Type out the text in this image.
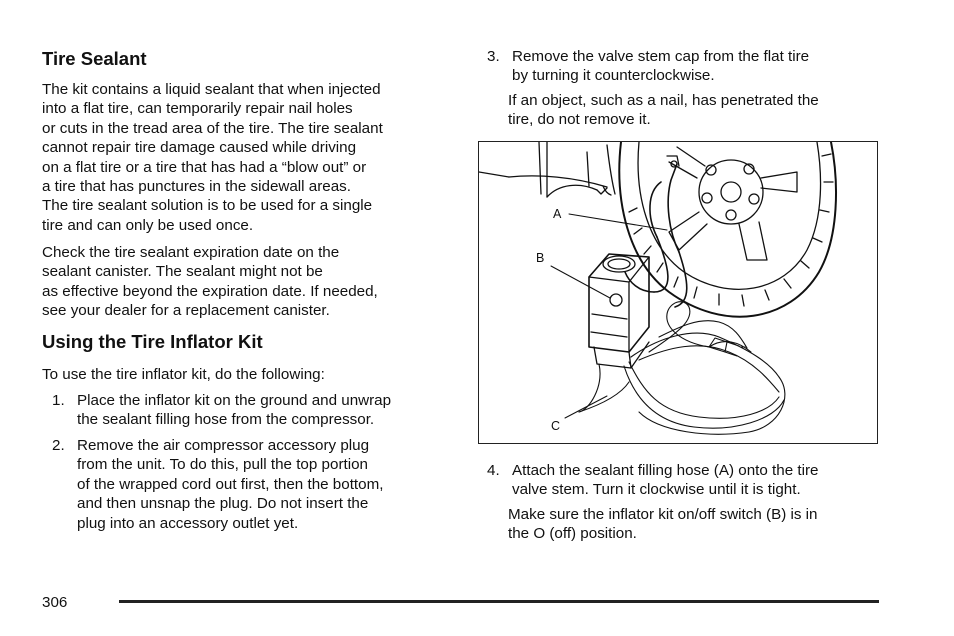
Tire Sealant
The kit contains a liquid sealant that when injected
into a flat tire, can temporarily repair nail holes
or cuts in the tread area of the tire. The tire sealant
cannot repair tire damage caused while driving
on a flat tire or a tire that has had a “blow out” or
a tire that has punctures in the sidewall areas.
The tire sealant solution is to be used for a single
tire and can only be used once.
Check the tire sealant expiration date on the
sealant canister. The sealant might not be
as effective beyond the expiration date. If needed,
see your dealer for a replacement canister.
Using the Tire Inflator Kit
To use the tire inflator kit, do the following:
1. Place the inflator kit on the ground and unwrap
the sealant filling hose from the compressor.
2. Remove the air compressor accessory plug
from the unit. To do this, pull the top portion
of the wrapped cord out first, then the bottom,
and then unsnap the plug. Do not insert the
plug into an accessory outlet yet.
3. Remove the valve stem cap from the flat tire
by turning it counterclockwise.
If an object, such as a nail, has penetrated the
tire, do not remove it.
4. Attach the sealant filling hose (A) onto the tire
valve stem. Turn it clockwise until it is tight.
Make sure the inflator kit on/off switch (B) is in
the O (off) position.
A
B
C
306
